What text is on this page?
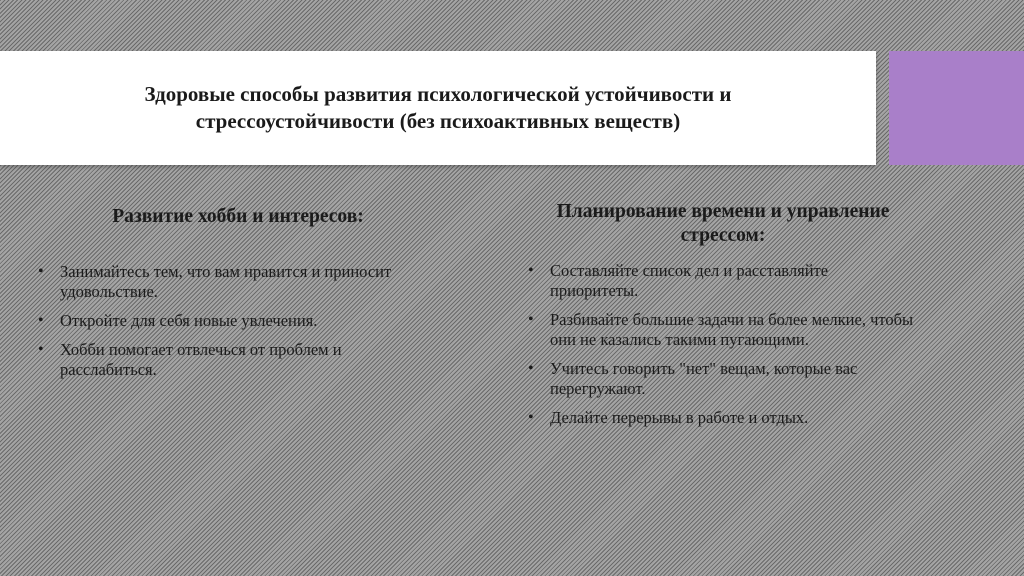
Здоровые способы развития психологической устойчивости и стрессоустойчивости (без психоактивных веществ)
Развитие хобби и интересов:
• Занимайтесь тем, что вам нравится и приносит удовольствие.
• Откройте для себя новые увлечения.
• Хобби помогает отвлечься от проблем и расслабиться.
Планирование времени и управление стрессом:
• Составляйте список дел и расставляйте приоритеты.
• Разбивайте большие задачи на более мелкие, чтобы они не казались такими пугающими.
• Учитесь говорить "нет" вещам, которые вас перегружают.
• Делайте перерывы в работе и отдых.
